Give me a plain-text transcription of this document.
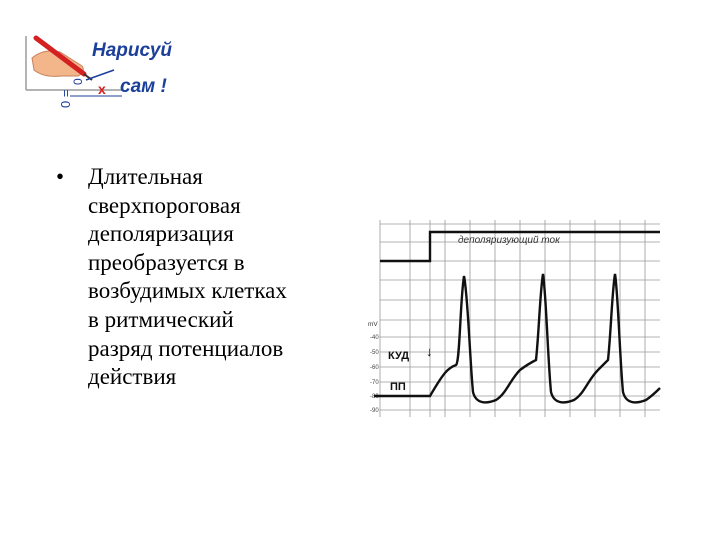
0
0 =
x
Нарисуй
сам !
• Длительная
сверхпороговая
деполяризация
преобразуется в
возбудимых клетках
в ритмический
разряд потенциалов
действия
деполяризующий ток
mV
-40
-50
-60
-70
-80
-90
КУД ↓
ПП
